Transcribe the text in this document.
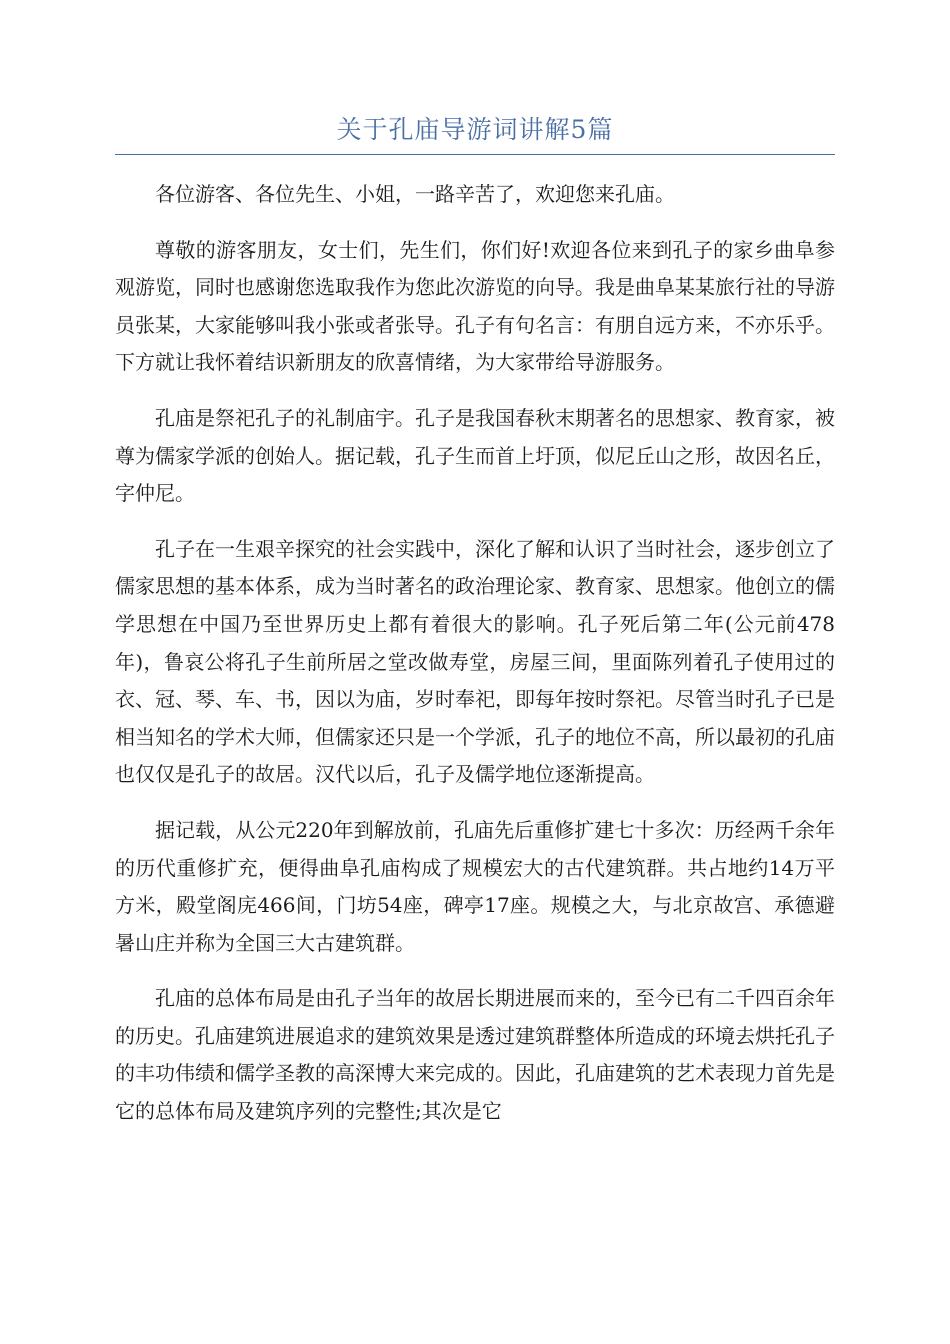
关于孔庙导游词讲解5篇

各位游客、各位先生、小姐，一路辛苦了，欢迎您来孔庙。

尊敬的游客朋友，女士们，先生们，你们好!欢迎各位来到孔子的家乡曲阜参观游览，同时也感谢您选取我作为您此次游览的向导。我是曲阜某某旅行社的导游员张某，大家能够叫我小张或者张导。孔子有句名言：有朋自远方来，不亦乐乎。下方就让我怀着结识新朋友的欣喜情绪，为大家带给导游服务。

孔庙是祭祀孔子的礼制庙宇。孔子是我国春秋末期著名的思想家、教育家，被尊为儒家学派的创始人。据记载，孔子生而首上圩顶，似尼丘山之形，故因名丘，字仲尼。

孔子在一生艰辛探究的社会实践中，深化了解和认识了当时社会，逐步创立了儒家思想的基本体系，成为当时著名的政治理论家、教育家、思想家。他创立的儒学思想在中国乃至世界历史上都有着很大的影响。孔子死后第二年(公元前478年)，鲁哀公将孔子生前所居之堂改做寿堂，房屋三间，里面陈列着孔子使用过的衣、冠、琴、车、书，因以为庙，岁时奉祀，即每年按时祭祀。尽管当时孔子已是相当知名的学术大师，但儒家还只是一个学派，孔子的地位不高，所以最初的孔庙也仅仅是孔子的故居。汉代以后，孔子及儒学地位逐渐提高。

据记载，从公元220年到解放前，孔庙先后重修扩建七十多次：历经两千余年的历代重修扩充，便得曲阜孔庙构成了规模宏大的古代建筑群。共占地约14万平方米，殿堂阁庑466间，门坊54座，碑亭17座。规模之大，与北京故宫、承德避暑山庄并称为全国三大古建筑群。

孔庙的总体布局是由孔子当年的故居长期进展而来的，至今已有二千四百余年的历史。孔庙建筑进展追求的建筑效果是透过建筑群整体所造成的环境去烘托孔子的丰功伟绩和儒学圣教的高深博大来完成的。因此，孔庙建筑的艺术表现力首先是它的总体布局及建筑序列的完整性;其次是它
